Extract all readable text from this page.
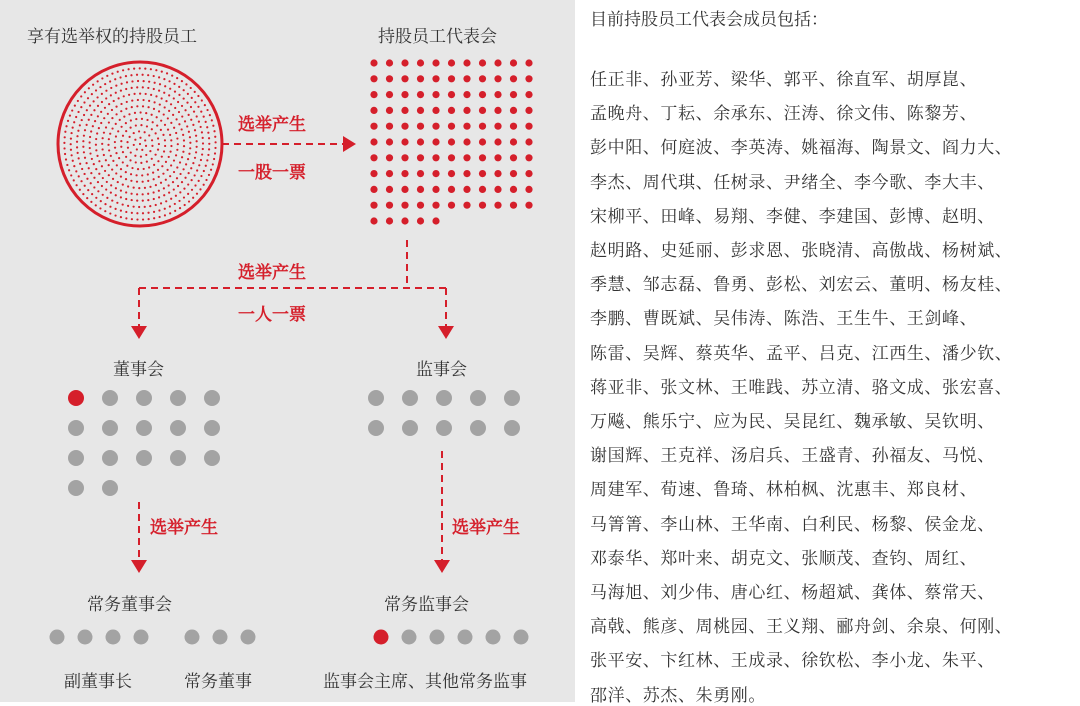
享有选举权的持股员工	持股员工代表会
选举产生
一股一票
选举产生
一人一票
董事会	监事会
选举产生	选举产生
常务董事会	常务监事会
副董事长	常务董事	监事会主席、其他常务监事
目前持股员工代表会成员包括：
任正非、孙亚芳、梁华、郭平、徐直军、胡厚崑、
孟晚舟、丁耘、余承东、汪涛、徐文伟、陈黎芳、
彭中阳、何庭波、李英涛、姚福海、陶景文、阎力大、
李杰、周代琪、任树录、尹绪全、李今歌、李大丰、
宋柳平、田峰、易翔、李健、李建国、彭博、赵明、
赵明路、史延丽、彭求恩、张晓清、高傲战、杨树斌、
季慧、邹志磊、鲁勇、彭松、刘宏云、董明、杨友桂、
李鹏、曹既斌、吴伟涛、陈浩、王生牛、王剑峰、
陈雷、吴辉、蔡英华、孟平、吕克、江西生、潘少钦、
蒋亚非、张文林、王唯践、苏立清、骆文成、张宏喜、
万飚、熊乐宁、应为民、吴昆红、魏承敏、吴钦明、
谢国辉、王克祥、汤启兵、王盛青、孙福友、马悦、
周建军、荀速、鲁琦、林柏枫、沈惠丰、郑良材、
马箐箐、李山林、王华南、白利民、杨黎、侯金龙、
邓泰华、郑叶来、胡克文、张顺茂、查钧、周红、
马海旭、刘少伟、唐心红、杨超斌、龚体、蔡常天、
高戟、熊彦、周桃园、王义翔、郦舟剑、余泉、何刚、
张平安、卞红林、王成录、徐钦松、李小龙、朱平、
邵洋、苏杰、朱勇刚。
